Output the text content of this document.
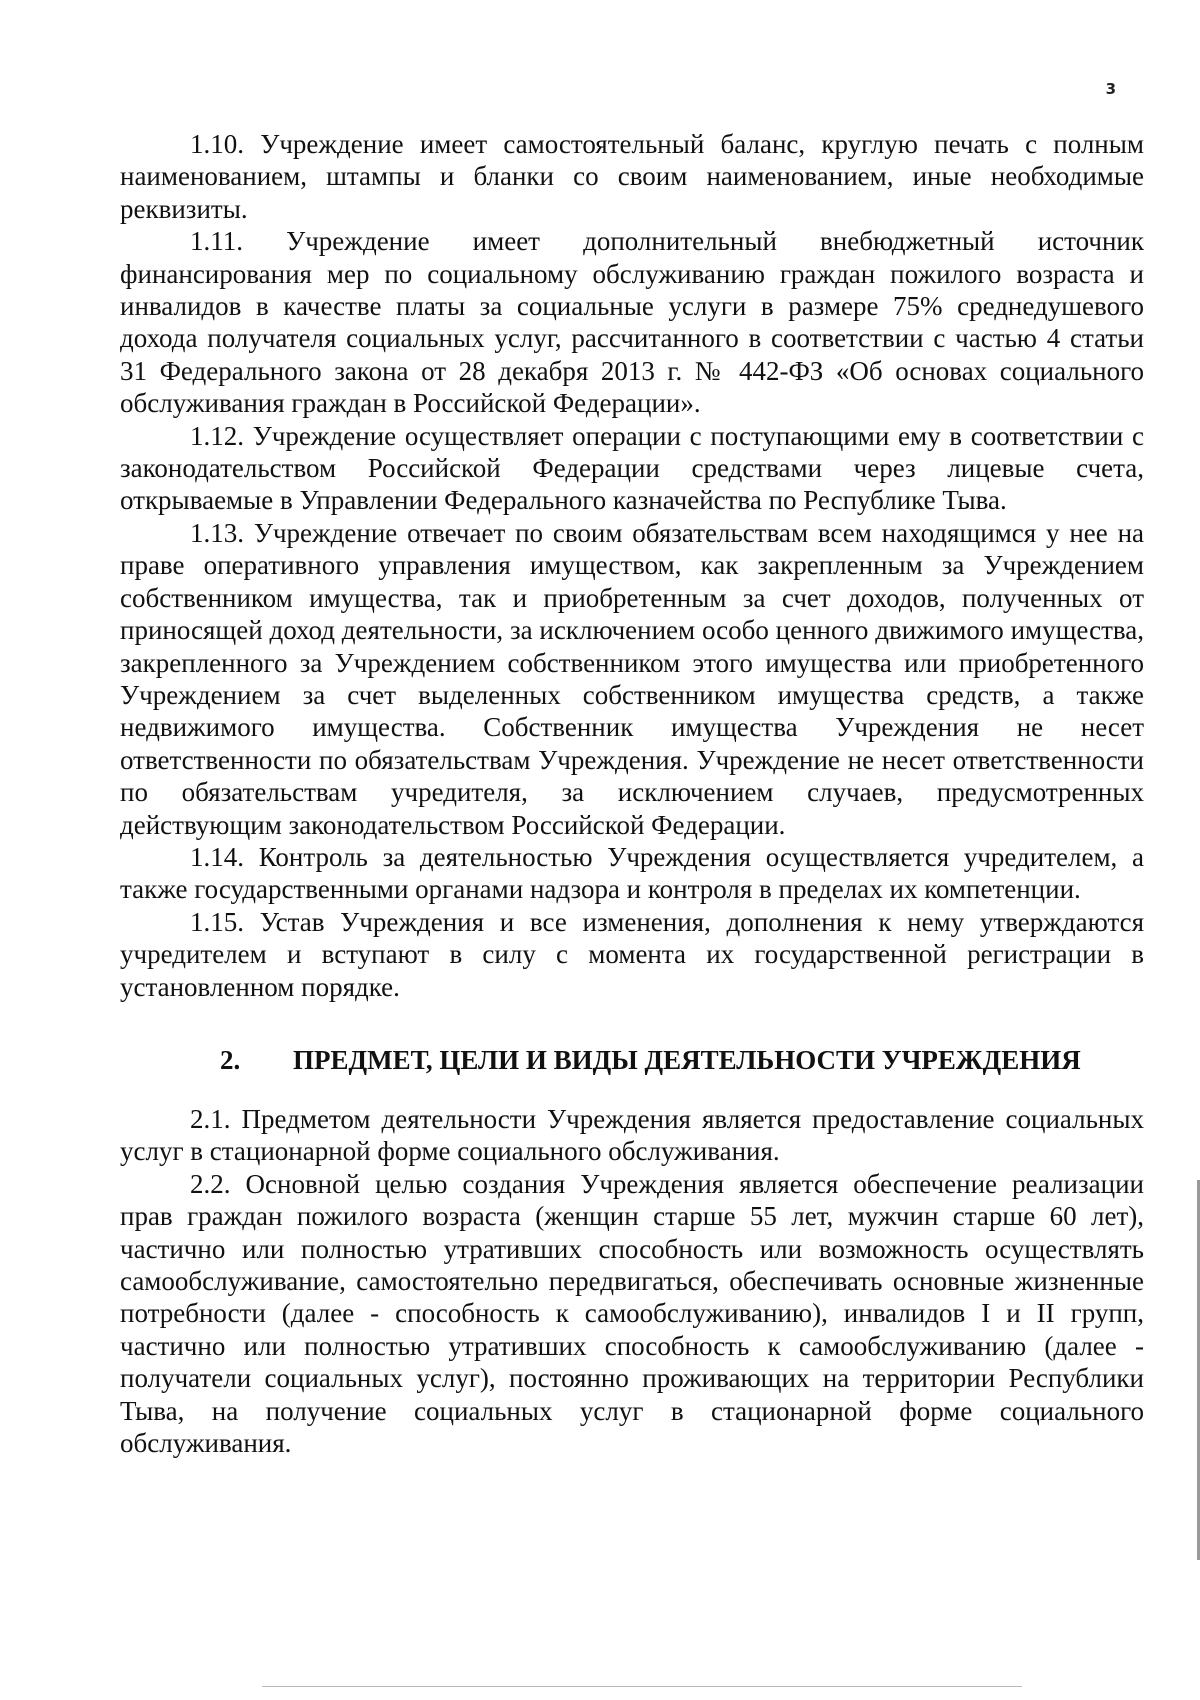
3

1.10. Учреждение имеет самостоятельный баланс, круглую печать с полным наименованием, штампы и бланки со своим наименованием, иные необходимые реквизиты.

1.11. Учреждение имеет дополнительный внебюджетный источник финансирования мер по социальному обслуживанию граждан пожилого возраста и инвалидов в качестве платы за социальные услуги в размере 75% среднедушевого дохода получателя социальных услуг, рассчитанного в соответствии с частью 4 статьи 31 Федерального закона от 28 декабря 2013 г. № 442-ФЗ «Об основах социального обслуживания граждан в Российской Федерации».

1.12. Учреждение осуществляет операции с поступающими ему в соответствии с законодательством Российской Федерации средствами через лицевые счета, открываемые в Управлении Федерального казначейства по Республике Тыва.

1.13. Учреждение отвечает по своим обязательствам всем находящимся у нее на праве оперативного управления имуществом, как закрепленным за Учреждением собственником имущества, так и приобретенным за счет доходов, полученных от приносящей доход деятельности, за исключением особо ценного движимого имущества, закрепленного за Учреждением собственником этого имущества или приобретенного Учреждением за счет выделенных собственником имущества средств, а также недвижимого имущества. Собственник имущества Учреждения не несет ответственности по обязательствам Учреждения. Учреждение не несет ответственности по обязательствам учредителя, за исключением случаев, предусмотренных действующим законодательством Российской Федерации.

1.14. Контроль за деятельностью Учреждения осуществляется учредителем, а также государственными органами надзора и контроля в пределах их компетенции.

1.15. Устав Учреждения и все изменения, дополнения к нему утверждаются учредителем и вступают в силу с момента их государственной регистрации в установленном порядке.

2. ПРЕДМЕТ, ЦЕЛИ И ВИДЫ ДЕЯТЕЛЬНОСТИ УЧРЕЖДЕНИЯ

2.1. Предметом деятельности Учреждения является предоставление социальных услуг в стационарной форме социального обслуживания.

2.2. Основной целью создания Учреждения является обеспечение реализации прав граждан пожилого возраста (женщин старше 55 лет, мужчин старше 60 лет), частично или полностью утративших способность или возможность осуществлять самообслуживание, самостоятельно передвигаться, обеспечивать основные жизненные потребности (далее - способность к самообслуживанию), инвалидов I и II групп, частично или полностью утративших способность к самообслуживанию (далее - получатели социальных услуг), постоянно проживающих на территории Республики Тыва, на получение социальных услуг в стационарной форме социального обслуживания.
